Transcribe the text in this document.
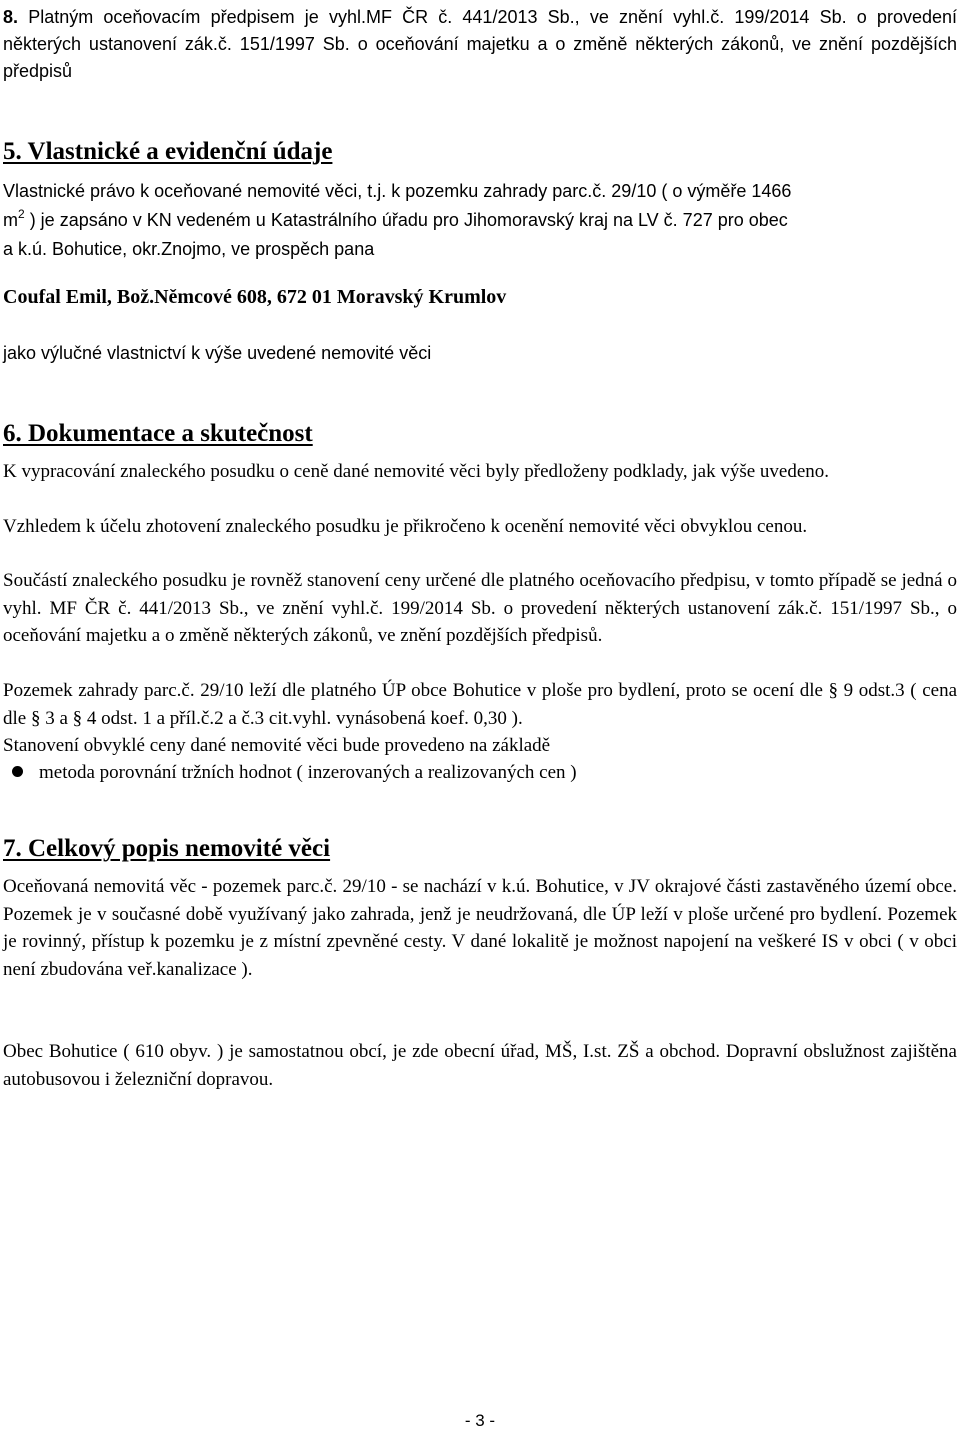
8. Platným oceňovacím předpisem je vyhl.MF ČR č. 441/2013 Sb., ve znění vyhl.č. 199/2014 Sb. o provedení některých ustanovení zák.č. 151/1997 Sb. o oceňování majetku a o změně některých zákonů, ve znění pozdějších předpisů

5. Vlastnické a evidenční údaje

Vlastnické právo k oceňované nemovité věci, t.j. k pozemku zahrady parc.č. 29/10 ( o výměře 1466
$m^2$ ) je zapsáno v KN vedeném u Katastrálního úřadu pro Jihomoravský kraj na LV č. 727 pro obec
a k.ú. Bohutice, okr.Znojmo, ve prospěch pana

Coufal Emil, Bož.Němcové 608, 672 01 Moravský Krumlov

jako výlučné vlastnictví k výše uvedené nemovité věci

6. Dokumentace a skutečnost

K vypracování znaleckého posudku o ceně dané nemovité věci byly předloženy podklady, jak výše uvedeno.

Vzhledem k účelu zhotovení znaleckého posudku je přikročeno k ocenění nemovité věci obvyklou cenou.

Součástí znaleckého posudku je rovněž stanovení ceny určené dle platného oceňovacího předpisu, v tomto případě se jedná o vyhl. MF ČR č. 441/2013 Sb., ve znění vyhl.č. 199/2014 Sb. o provedení některých ustanovení zák.č. 151/1997 Sb., o oceňování majetku a o změně některých zákonů, ve znění pozdějších předpisů.

Pozemek zahrady parc.č. 29/10 leží dle platného ÚP obce Bohutice v ploše pro bydlení, proto se ocení dle § 9 odst.3 ( cena dle § 3 a § 4 odst. 1 a příl.č.2 a č.3 cit.vyhl. vynásobená koef. 0,30 ).

Stanovení obvyklé ceny dané nemovité věci bude provedeno na základě

metoda porovnání tržních hodnot ( inzerovaných a realizovaných cen )
7. Celkový popis nemovité věci

Oceňovaná nemovitá věc - pozemek parc.č. 29/10 - se nachází v k.ú. Bohutice, v JV okrajové části zastavěného území obce. Pozemek je v současné době využívaný jako zahrada, jenž je neudržovaná, dle ÚP leží v ploše určené pro bydlení. Pozemek je rovinný, přístup k pozemku je z místní zpevněné cesty. V dané lokalitě je možnost napojení na veškeré IS v obci ( v obci není zbudována veř.kanalizace ).

Obec Bohutice ( 610 obyv. ) je samostatnou obcí, je zde obecní úřad, MŠ, I.st. ZŠ a obchod. Dopravní obslužnost zajištěna autobusovou i železniční dopravou.

- 3 -
